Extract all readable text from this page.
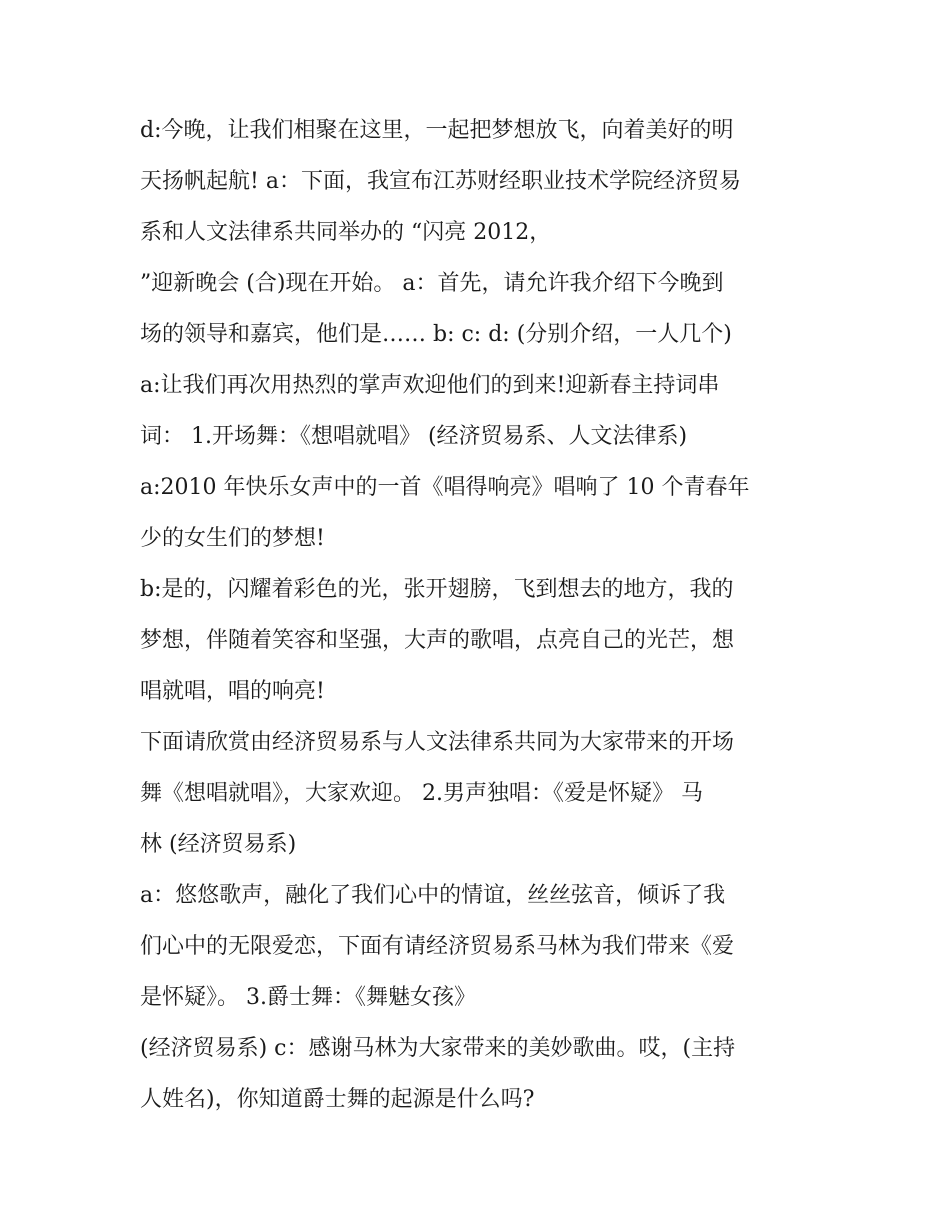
d:今晚，让我们相聚在这里，一起把梦想放飞，向着美好的明
天扬帆起航! a：下面，我宣布江苏财经职业技术学院经济贸易
系和人文法律系共同举办的 “闪亮 2012，
”迎新晚会 (合)现在开始。 a：首先，请允许我介绍下今晚到
场的领导和嘉宾，他们是…… b: c: d: (分别介绍，一人几个)
a:让我们再次用热烈的掌声欢迎他们的到来!迎新春主持词串
词： 1.开场舞：《想唱就唱》 (经济贸易系、人文法律系)
a:2010 年快乐女声中的一首《唱得响亮》唱响了 10 个青春年
少的女生们的梦想!
b:是的，闪耀着彩色的光，张开翅膀，飞到想去的地方，我的
梦想，伴随着笑容和坚强，大声的歌唱，点亮自己的光芒，想
唱就唱，唱的响亮!
下面请欣赏由经济贸易系与人文法律系共同为大家带来的开场
舞《想唱就唱》，大家欢迎。 2.男声独唱：《爱是怀疑》 马
林 (经济贸易系)
a：悠悠歌声，融化了我们心中的情谊，丝丝弦音，倾诉了我
们心中的无限爱恋，下面有请经济贸易系马林为我们带来《爱
是怀疑》。 3.爵士舞：《舞魅女孩》
(经济贸易系) c：感谢马林为大家带来的美妙歌曲。哎，(主持
人姓名)，你知道爵士舞的起源是什么吗?
